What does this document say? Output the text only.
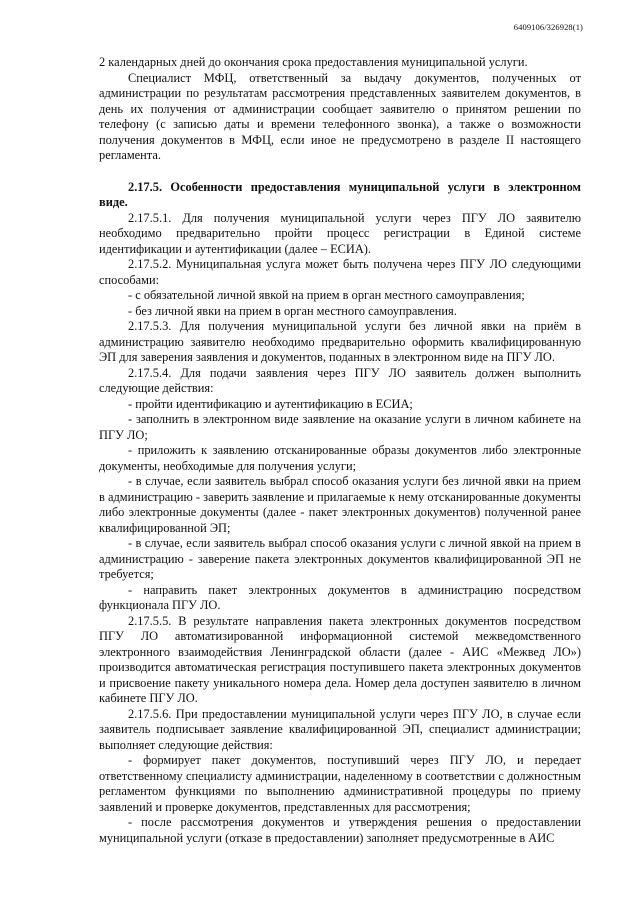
6409106/326928(1)

2 календарных дней до окончания срока предоставления муниципальной услуги.

Специалист МФЦ, ответственный за выдачу документов, полученных от администрации по результатам рассмотрения представленных заявителем документов, в день их получения от администрации сообщает заявителю о принятом решении по телефону (с записью даты и времени телефонного звонка), а также о возможности получения документов в МФЦ, если иное не предусмотрено в разделе II настоящего регламента.

2.17.5. Особенности предоставления муниципальной услуги в электронном виде.

2.17.5.1. Для получения муниципальной услуги через ПГУ ЛО заявителю необходимо предварительно пройти процесс регистрации в Единой системе идентификации и аутентификации (далее – ЕСИА).

2.17.5.2. Муниципальная услуга может быть получена через ПГУ ЛО следующими способами:

- с обязательной личной явкой на прием в орган местного самоуправления;

- без личной явки на прием в орган местного самоуправления.

2.17.5.3. Для получения муниципальной услуги без личной явки на приём в администрацию заявителю необходимо предварительно оформить квалифицированную ЭП для заверения заявления и документов, поданных в электронном виде на ПГУ ЛО.

2.17.5.4. Для подачи заявления через ПГУ ЛО заявитель должен выполнить следующие действия:

- пройти идентификацию и аутентификацию в ЕСИА;

- заполнить в электронном виде заявление на оказание услуги в личном кабинете на ПГУ ЛО;

- приложить к заявлению отсканированные образы документов либо электронные документы, необходимые для получения услуги;

- в случае, если заявитель выбрал способ оказания услуги без личной явки на прием в администрацию - заверить заявление и прилагаемые к нему отсканированные документы либо электронные документы (далее - пакет электронных документов) полученной ранее квалифицированной ЭП;

- в случае, если заявитель выбрал способ оказания услуги с личной явкой на прием в администрацию - заверение пакета электронных документов квалифицированной ЭП не требуется;

- направить пакет электронных документов в администрацию посредством функционала ПГУ ЛО.

2.17.5.5. В результате направления пакета электронных документов посредством ПГУ ЛО автоматизированной информационной системой межведомственного электронного взаимодействия Ленинградской области (далее - АИС «Межвед ЛО») производится автоматическая регистрация поступившего пакета электронных документов и присвоение пакету уникального номера дела. Номер дела доступен заявителю в личном кабинете ПГУ ЛО.

2.17.5.6. При предоставлении муниципальной услуги через ПГУ ЛО, в случае если заявитель подписывает заявление квалифицированной ЭП, специалист администрации; выполняет следующие действия:

- формирует пакет документов, поступивший через ПГУ ЛО, и передает ответственному специалисту администрации, наделенному в соответствии с должностным регламентом функциями по выполнению административной процедуры по приему заявлений и проверке документов, представленных для рассмотрения;

- после рассмотрения документов и утверждения решения о предоставлении муниципальной услуги (отказе в предоставлении) заполняет предусмотренные в АИС
